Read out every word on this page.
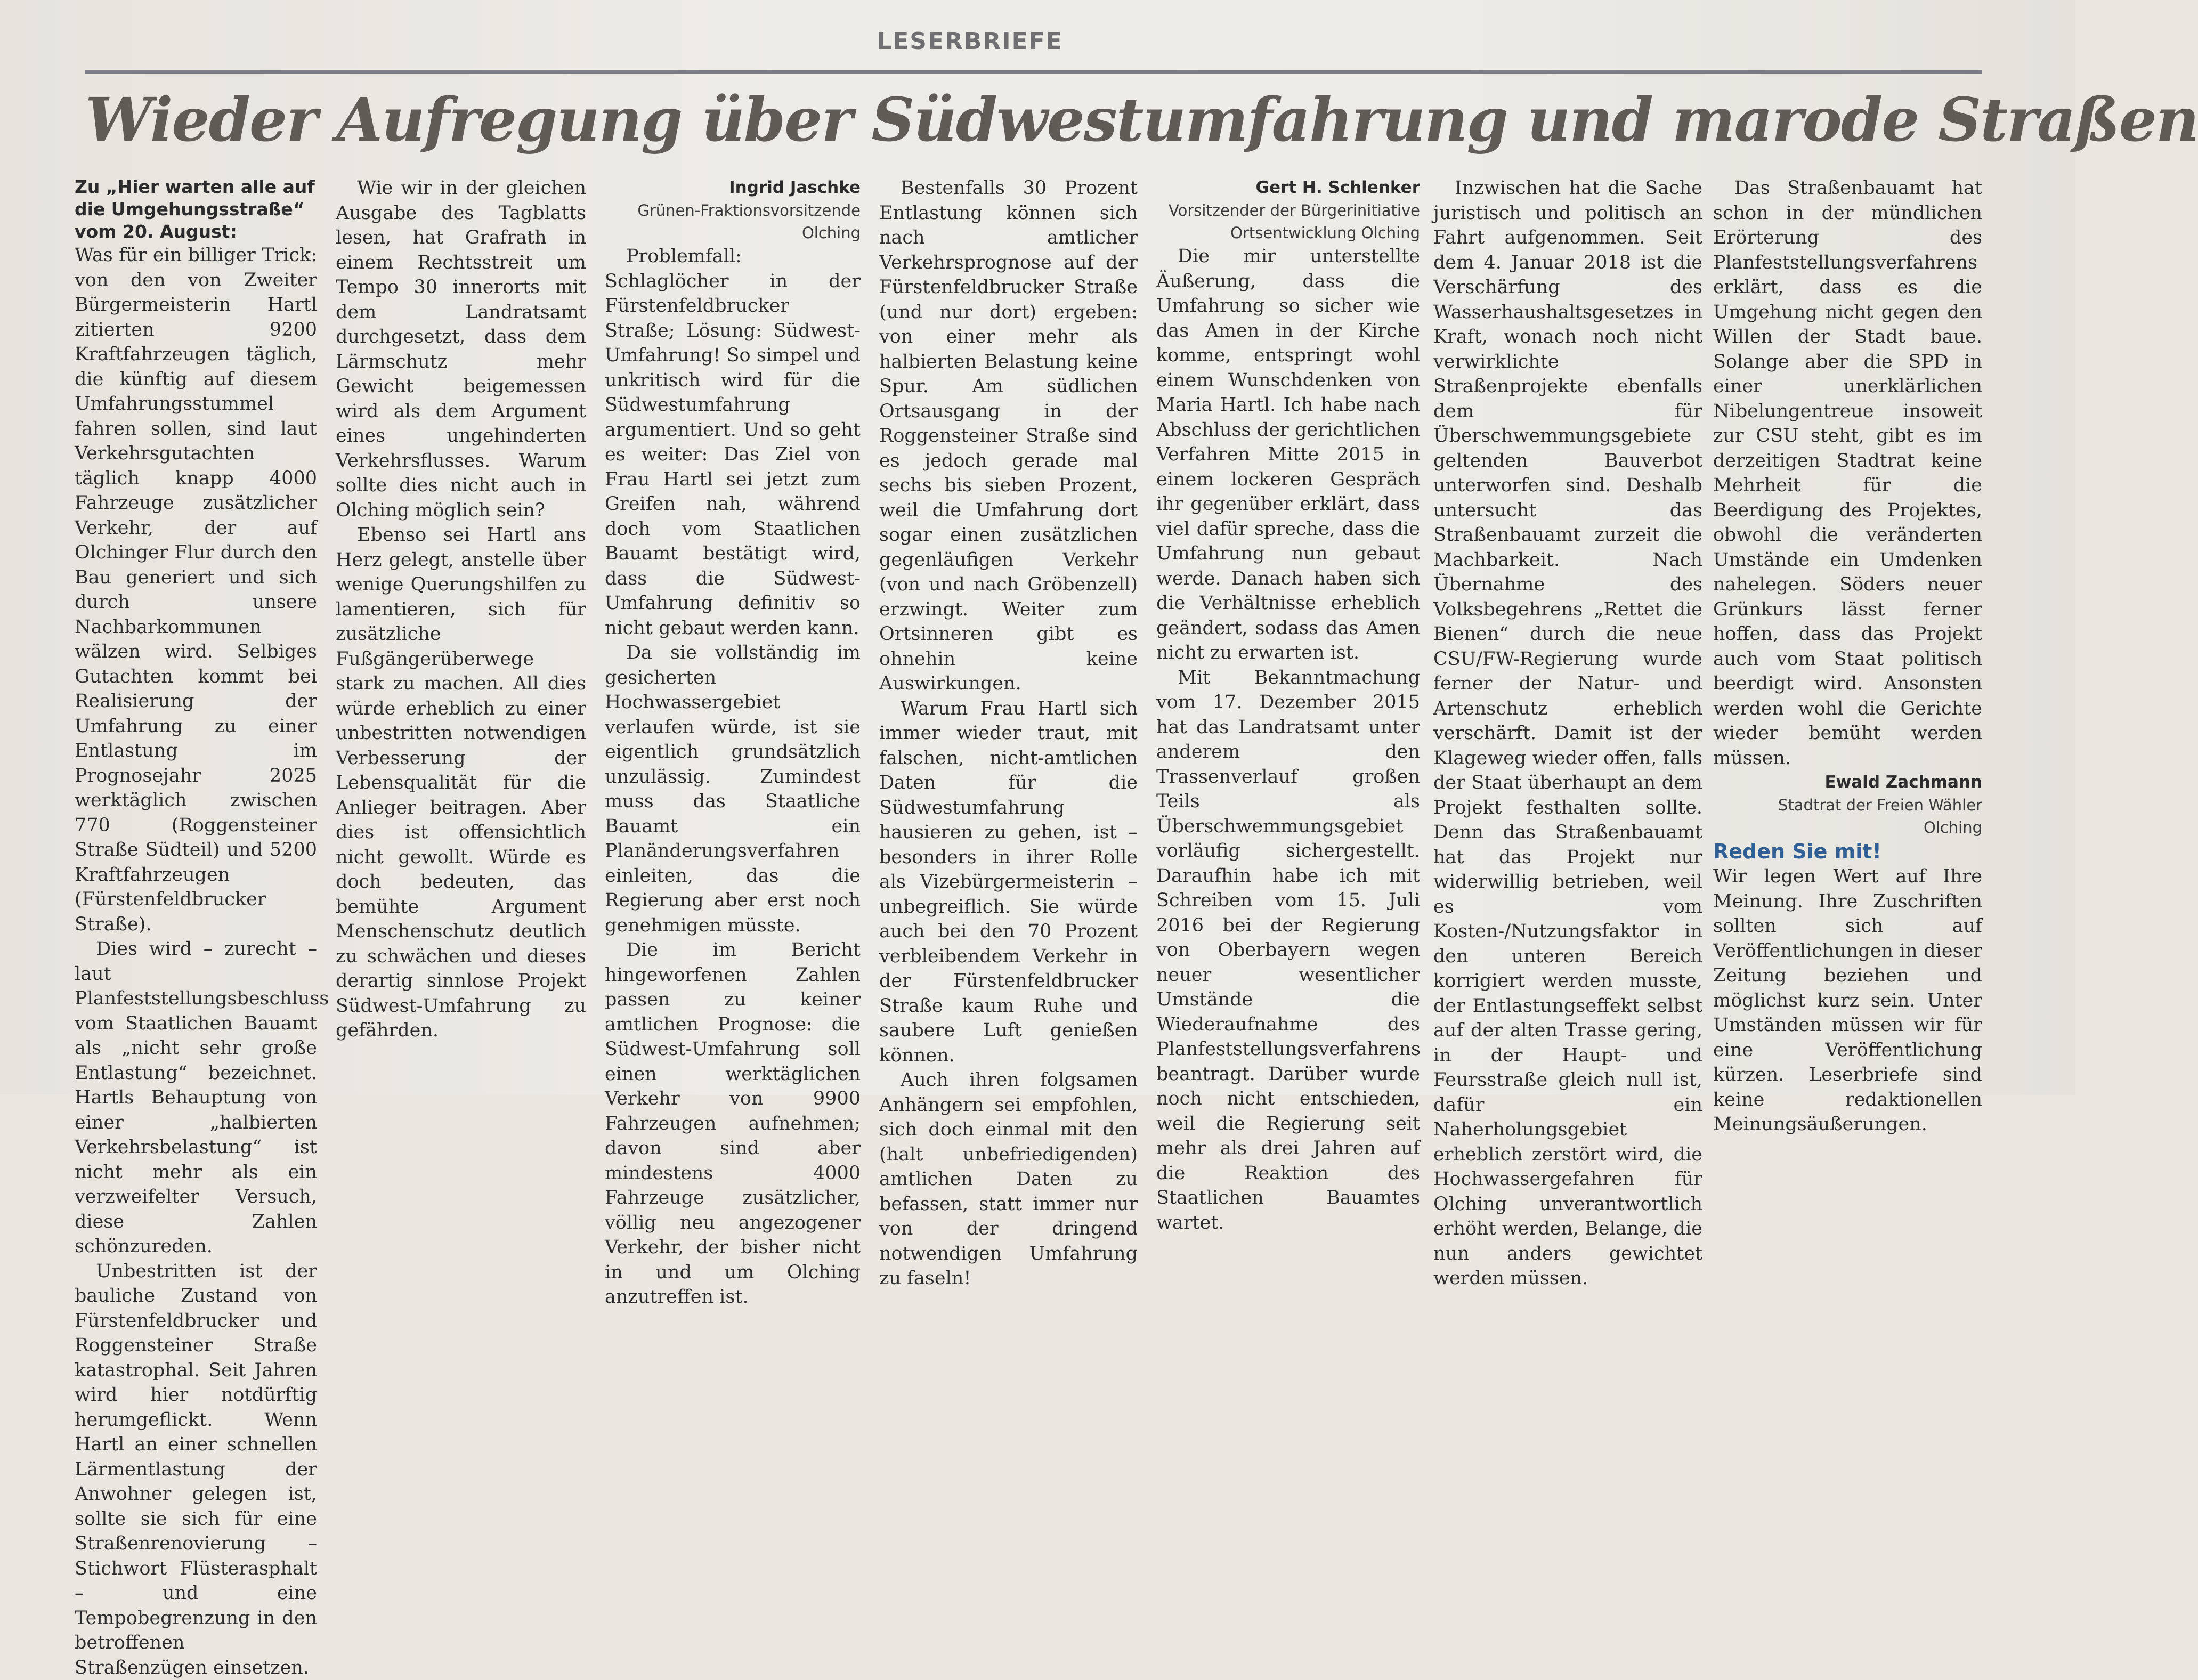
LESERBRIEFE
Wieder Aufregung über Südwestumfahrung und marode Straßen

Zu „Hier warten alle auf die Umgehungsstraße“ vom 20. August:

Was für ein billiger Trick: von den von Zweiter Bürgermeisterin Hartl zitierten 9200 Kraftfahrzeugen täglich, die künftig auf diesem Umfahrungsstummel fahren sollen, sind laut Verkehrsgutachten täglich knapp 4000 Fahrzeuge zusätzlicher Verkehr, der auf Olchinger Flur durch den Bau generiert und sich durch unsere Nachbarkommunen wälzen wird. Selbiges Gutachten kommt bei Realisierung der Umfahrung zu einer Entlastung im Prognosejahr 2025 werktäglich zwischen 770 (Roggensteiner Straße Südteil) und 5200 Kraftfahrzeugen (Fürstenfeldbrucker Straße).

Dies wird – zurecht – laut Planfeststellungsbeschluss vom Staatlichen Bauamt als „nicht sehr große Entlastung“ bezeichnet. Hartls Behauptung von einer „halbierten Verkehrsbelastung“ ist nicht mehr als ein verzweifelter Versuch, diese Zahlen schönzureden.

Unbestritten ist der bauliche Zustand von Fürstenfeldbrucker und Roggensteiner Straße katastrophal. Seit Jahren wird hier notdürftig herumgeflickt. Wenn Hartl an einer schnellen Lärmentlastung der Anwohner gelegen ist, sollte sie sich für eine Straßenrenovierung – Stichwort Flüsterasphalt – und eine Tempobegrenzung in den betroffenen Straßenzügen einsetzen.

Wie wir in der gleichen Ausgabe des Tagblatts lesen, hat Grafrath in einem Rechtsstreit um Tempo 30 innerorts mit dem Landratsamt durchgesetzt, dass dem Lärmschutz mehr Gewicht beigemessen wird als dem Argument eines ungehinderten Verkehrsflusses. Warum sollte dies nicht auch in Olching möglich sein?

Ebenso sei Hartl ans Herz gelegt, anstelle über wenige Querungshilfen zu lamentieren, sich für zusätzliche Fußgängerüberwege stark zu machen. All dies würde erheblich zu einer unbestritten notwendigen Verbesserung der Lebensqualität für die Anlieger beitragen. Aber dies ist offensichtlich nicht gewollt. Würde es doch bedeuten, das bemühte Argument Menschenschutz deutlich zu schwächen und dieses derartig sinnlose Projekt Südwest-Umfahrung zu gefährden.

Ingrid Jaschke

Grünen-Fraktionsvorsitzende

Olching

Problemfall: Schlaglöcher in der Fürstenfeldbrucker Straße; Lösung: Südwest-Umfahrung! So simpel und unkritisch wird für die Südwestumfahrung argumentiert. Und so geht es weiter: Das Ziel von Frau Hartl sei jetzt zum Greifen nah, während doch vom Staatlichen Bauamt bestätigt wird, dass die Südwest-Umfahrung definitiv so nicht gebaut werden kann.

Da sie vollständig im gesicherten Hochwassergebiet verlaufen würde, ist sie eigentlich grundsätzlich unzulässig. Zumindest muss das Staatliche Bauamt ein Planänderungsverfahren einleiten, das die Regierung aber erst noch genehmigen müsste.

Die im Bericht hingeworfenen Zahlen passen zu keiner amtlichen Prognose: die Südwest-Umfahrung soll einen werktäglichen Verkehr von 9900 Fahrzeugen aufnehmen; davon sind aber mindestens 4000 Fahrzeuge zusätzlicher, völlig neu angezogener Verkehr, der bisher nicht in und um Olching anzutreffen ist.

Bestenfalls 30 Prozent Entlastung können sich nach amtlicher Verkehrsprognose auf der Fürstenfeldbrucker Straße (und nur dort) ergeben: von einer mehr als halbierten Belastung keine Spur. Am südlichen Ortsausgang in der Roggensteiner Straße sind es jedoch gerade mal sechs bis sieben Prozent, weil die Umfahrung dort sogar einen zusätzlichen gegenläufigen Verkehr (von und nach Gröbenzell) erzwingt. Weiter zum Ortsinneren gibt es ohnehin keine Auswirkungen.

Warum Frau Hartl sich immer wieder traut, mit falschen, nicht-amtlichen Daten für die Südwestumfahrung hausieren zu gehen, ist – besonders in ihrer Rolle als Vizebürgermeisterin – unbegreiflich. Sie würde auch bei den 70 Prozent verbleibendem Verkehr in der Fürstenfeldbrucker Straße kaum Ruhe und saubere Luft genießen können.

Auch ihren folgsamen Anhängern sei empfohlen, sich doch einmal mit den (halt unbefriedigenden) amtlichen Daten zu befassen, statt immer nur von der dringend notwendigen Umfahrung zu faseln!

Gert H. Schlenker

Vorsitzender der Bürgerinitiative

Ortsentwicklung Olching

Die mir unterstellte Äußerung, dass die Umfahrung so sicher wie das Amen in der Kirche komme, entspringt wohl einem Wunschdenken von Maria Hartl. Ich habe nach Abschluss der gerichtlichen Verfahren Mitte 2015 in einem lockeren Gespräch ihr gegenüber erklärt, dass viel dafür spreche, dass die Umfahrung nun gebaut werde. Danach haben sich die Verhältnisse erheblich geändert, sodass das Amen nicht zu erwarten ist.

Mit Bekanntmachung vom 17. Dezember 2015 hat das Landratsamt unter anderem den Trassenverlauf großen Teils als Überschwemmungsgebiet vorläufig sichergestellt. Daraufhin habe ich mit Schreiben vom 15. Juli 2016 bei der Regierung von Oberbayern wegen neuer wesentlicher Umstände die Wiederaufnahme des Planfeststellungsverfahrens beantragt. Darüber wurde noch nicht entschieden, weil die Regierung seit mehr als drei Jahren auf die Reaktion des Staatlichen Bauamtes wartet.

Inzwischen hat die Sache juristisch und politisch an Fahrt aufgenommen. Seit dem 4. Januar 2018 ist die Verschärfung des Wasserhaushaltsgesetzes in Kraft, wonach noch nicht verwirklichte Straßenprojekte ebenfalls dem für Überschwemmungsgebiete geltenden Bauverbot unterworfen sind. Deshalb untersucht das Straßenbauamt zurzeit die Machbarkeit. Nach Übernahme des Volksbegehrens „Rettet die Bienen“ durch die neue CSU/FW-Regierung wurde ferner der Natur- und Artenschutz erheblich verschärft. Damit ist der Klageweg wieder offen, falls der Staat überhaupt an dem Projekt festhalten sollte. Denn das Straßenbauamt hat das Projekt nur widerwillig betrieben, weil es vom Kosten-/Nutzungsfaktor in den unteren Bereich korrigiert werden musste, der Entlastungseffekt selbst auf der alten Trasse gering, in der Haupt- und Feursstraße gleich null ist, dafür ein Naherholungsgebiet erheblich zerstört wird, die Hochwassergefahren für Olching unverantwortlich erhöht werden, Belange, die nun anders gewichtet werden müssen.

Das Straßenbauamt hat schon in der mündlichen Erörterung des Planfeststellungsverfahrens erklärt, dass es die Umgehung nicht gegen den Willen der Stadt baue. Solange aber die SPD in einer unerklärlichen Nibelungentreue insoweit zur CSU steht, gibt es im derzeitigen Stadtrat keine Mehrheit für die Beerdigung des Projektes, obwohl die veränderten Umstände ein Umdenken nahelegen. Söders neuer Grünkurs lässt ferner hoffen, dass das Projekt auch vom Staat politisch beerdigt wird. Ansonsten werden wohl die Gerichte wieder bemüht werden müssen.

Ewald Zachmann

Stadtrat der Freien Wähler

Olching

Reden Sie mit!

Wir legen Wert auf Ihre Meinung. Ihre Zuschriften sollten sich auf Veröffentlichungen in dieser Zeitung beziehen und möglichst kurz sein. Unter Umständen müssen wir für eine Veröffentlichung kürzen. Leserbriefe sind keine redaktionellen Meinungsäußerungen.
